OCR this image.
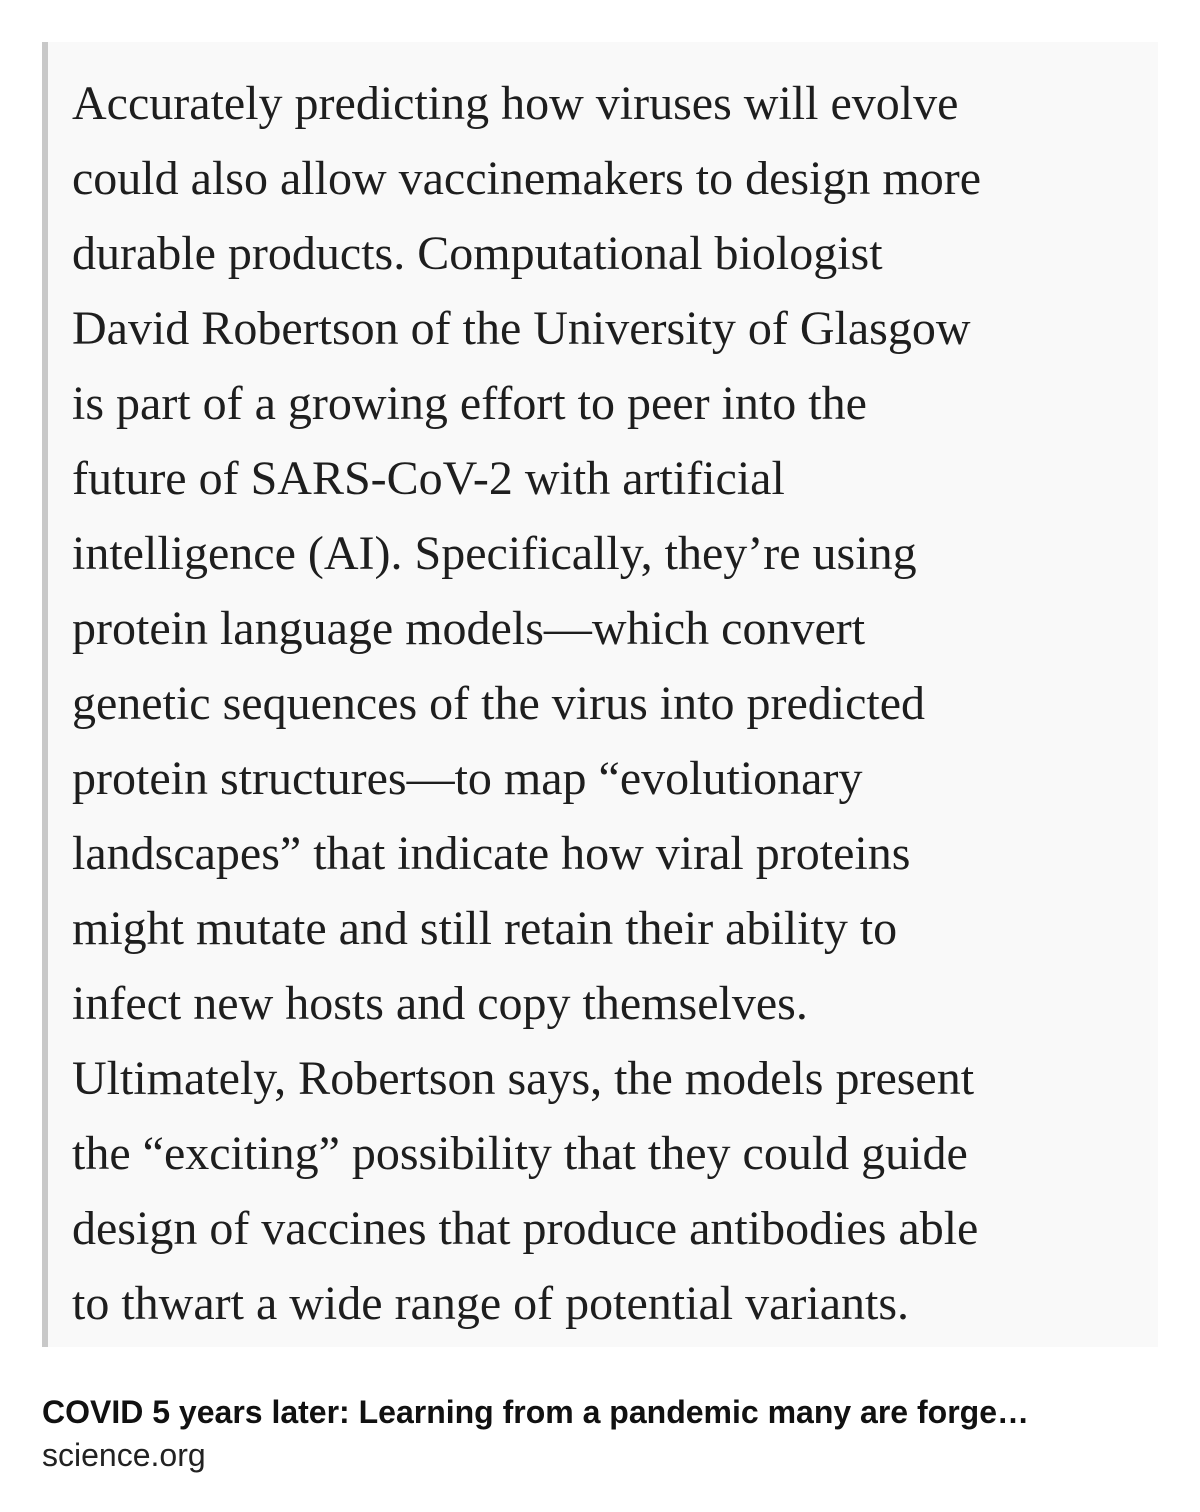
Accurately predicting how viruses will evolve
could also allow vaccinemakers to design more
durable products. Computational biologist
David Robertson of the University of Glasgow
is part of a growing effort to peer into the
future of SARS-CoV-2 with artificial
intelligence (AI). Specifically, they’re using
protein language models—which convert
genetic sequences of the virus into predicted
protein structures—to map “evolutionary
landscapes” that indicate how viral proteins
might mutate and still retain their ability to
infect new hosts and copy themselves.
Ultimately, Robertson says, the models present
the “exciting” possibility that they could guide
design of vaccines that produce antibodies able
to thwart a wide range of potential variants.
COVID 5 years later: Learning from a pandemic many are forge…
science.org
